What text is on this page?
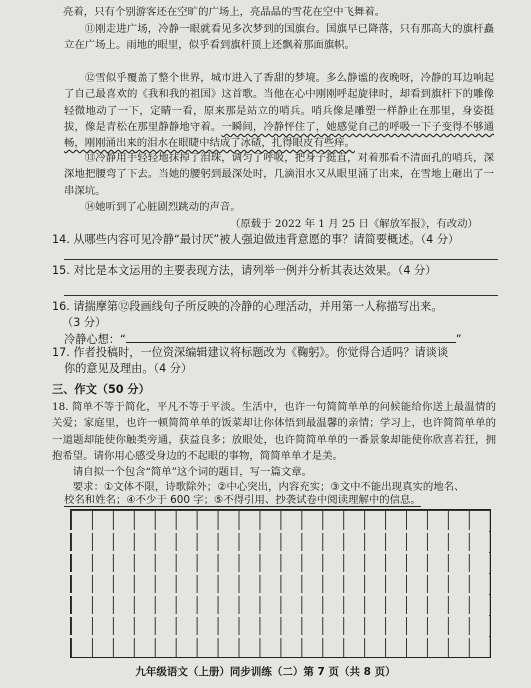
亮着，只有个别游客还在空旷的广场上，亮晶晶的雪花在空中飞舞着。
⑪刚走进广场，冷静一眼就看见多次梦到的国旗台。国旗早已降落，只有那高大的旗杆矗立在广场上。雨地的眼里，似乎看到旗杆顶上还飘着那面旗帜。
⑫雪似乎覆盖了整个世界，城市进入了香甜的梦境。多么静谧的夜晚呀，冷静的耳边响起了自己最喜欢的《我和我的祖国》这首歌。当他在心中刚刚呼起旋律时，却看到旗杆下的雕像轻微地动了一下，定睛一看，原来那是站立的哨兵。哨兵像是雕塑一样静止在那里，身姿挺拔，像是青松在那里静静地守着。一瞬间，冷静怦住了，她感觉自己的呼吸一下子变得不够通畅，刚刚涌出来的泪水在眼睫中结成了冰碴，扎得眼皮有些痒。
⑬冷静用手轻轻地抹掉了泪珠，调匀了呼吸，把身子挺直，对着那看不清面孔的哨兵，深深地把腰弯了下去。当她的腰躬到最深处时，几滴泪水又从眼里涌了出来，在雪地上砸出了一串深坑。
⑭她听到了心脏剧烈跳动的声音。
（原载于 2022 年 1 月 25 日《解放军报》，有改动）
14. 从哪些内容可见冷静“最讨厌”被人强迫做违背意愿的事？请简要概述。（4 分）
15. 对比是本文运用的主要表现方法，请列举一例并分析其表达效果。（4 分）
16. 请揣摩第⑫段画线句子所反映的冷静的心理活动，并用第一人称描写出来。
（3 分）
冷静心想：“	”
17. 作者投稿时，一位资深编辑建议将标题改为《鞠躬》。你觉得合适吗？请谈谈
你的意见及理由。（4 分）
三、作文（50 分）
18. 简单不等于简化，平凡不等于平淡。生活中，也许一句简简单单的问候能给你送上最温情的关爱；家庭里，也许一顿简简单单的饭菜却让你体悟到最温馨的亲情；学习上，也许简简单单的一道题却能使你触类旁通，获益良多；放眼处，也许简简单单的一番景象却能使你欣喜若狂，拥抱希望。请你用心感受身边的不起眼的事物，简简单单才是美。
请自拟一个包含“简单”这个词的题目，写一篇文章。
要求：①文体不限，诗歌除外；②中心突出，内容充实；③文中不能出现真实的地名、
校名和姓名；④不少于 600 字；⑤不得引用、抄袭试卷中阅读理解中的信息。
九年级语文（上册）同步训练（二）第 7 页（共 8 页）
